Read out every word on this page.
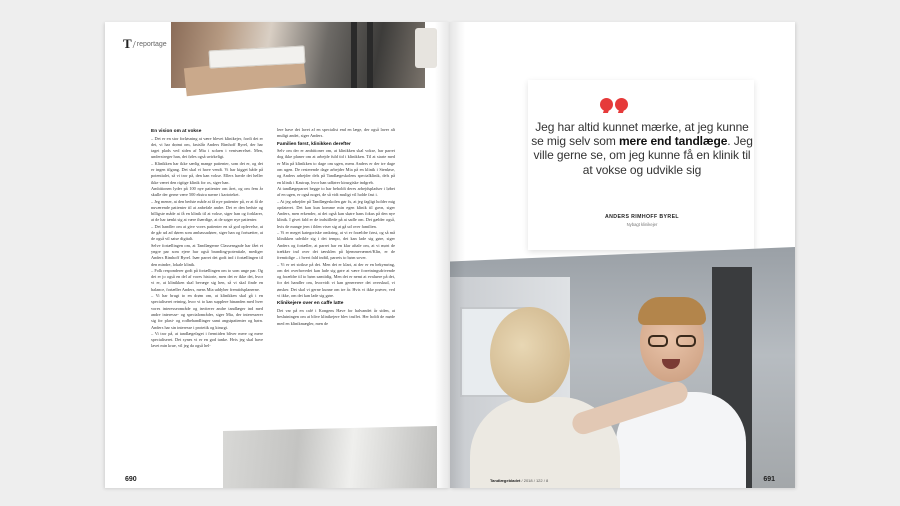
T/reportage
En vision om at vokse

– Det er en stor forløsning at være blevet klinikejer, fordi det er det, vi har drømt om, fastslår Anders Rimhoff Byrel, der har taget plads ved siden af Mia i sofaen i ventværelset. Men, understreger han, det føles også uvirkeligt.

– Klinikken har ikke særlig mange patienter, som det er, og det er ingen tilgang. Det skal vi have vendt. Vi har kigget både på potentialet, så vi tror på, den kan vokse. Ellers havde det heller ikke været den rigtige klinik for os, siger han.

Ambitionen lyder på 100 nye patienter om året, og om fem år skulle der gerne være 500 ekstra navne i kartoteket.

– Jeg mener, at den bedste måde at få nye patienter på, er at få de nuværende patienter til at anbefale andre. Det er den bedste og billigste måde at få en klinik til at vokse, siger han og forklarer, at de har tænkt sig at være ihærdige, at de søger nye patienter.

– Det handler om at give vores patienter en så god oplevelse, at de går ud ad døren som ambassadører, siger han og fortsætter, at de også vil satse digitalt.

Selve fortællingen om, at Tandlægerne Classensgade har fået et yngre par som ejere har også branding-potentiale, mediger Anders Rimhoff Byrel. Især parret det godt ind i fortællingen til den mindre, lokale klinik.

– Folk responderer godt på fortællingen om to som unge par. Og det er jo også en del af vores historie, men det er ikke det, hvor vi er, at klinikken skal bevæge sig hen, så vi skal finde en balance, fortæller Anders, mens Mia uddyber fremtidsplanerne.

– Vi har brugt to en drøm om, at klinikken skal gå i en specialiseret retning, hvor vi to kan supplere hinanden med hver vores interesseområde og inviterer andre tandlæger ind med andre interesse- og specialområder, siger Mia, der interesserer sig for plast- og rodbehandlinger samt angstpatienter og børn. Anders har sin interesse i protetik og kirurgi.

– Vi tror på, at tandlægefaget i fremtiden bliver mere og mere specialiseret. Det synes vi er en god tanke. Hvis jeg skal have lavet min krue, vil jeg da også hel-

lere have det lavet af en specialist end en læge, der også laver alt muligt andet, siger Anders.

Familien først, klinikken derefter

Selv om der er ambitioner om, at klinikken skal vokse, har parret dog ikke planer om at arbejde fuld tid i klinikken. Til at starte med er Mia på klinikken to dage om ugen, mens Anders er der tre dage om ugen. De resterende dage arbejder Mia på en klinik i Stenløse, og Anders arbejder dels på Tandlægeskolens specialklinik, dels på en klinik i Kastrup, hvor han udfører kirurgiske indgreb.

At tandlægeparret begge to har beholdt deres arbejdspladser i løbet af en ugen, er også noget, de så vidt muligt vil holde fast i.

– At jeg arbejder på Tandlægeskolen gør fx, at jeg fagligt holder mig opdateret. Det kan kun komme min egen klinik til gavn, siger Anders, men erkender, at det også kan skøre hans fokus på den nye klinik. I givet fald er de indstillede på at sadle om. Det gælder også, hvis de mange jern i ilden viser sig at gå ud over familien.

– Vi er meget kategoriske omkring, at vi er forældre først, og så må klinikken udvikle sig i det tempo, det kan lade sig gøre, siger Anders og fortæller, at parret har en klar aftale om, at vi mørt de trækker ind over det tærsklen på hjemmeværnet/Klin, er de fremtidige – i hvert fald indtil, parrets to børn sover.

– Vi er ret strikse på det. Men det er klart, at der er en bekymring, om det overhovedet kan lade sig gøre at være forretningsdrivende og forældre til to børn samtidig. Men det er nemt at evaluere på det, for det handler om, hvorvidt vi kan genererere det overskud, vi ønsker. Det skal vi gerne kunne om tre år. Hvis vi ikke prøver, ved vi ikke, om det kan lade sig gøre.

Klinikejere over en caffe latte

Det var på en café i Kongens Have for halvandet år siden, at beslutningen om at blive klinikejere blev truffet. Her holdt de møde med en klinikmægler, men de

690
Jeg har altid kunnet mærke, at jeg kunne se mig selv som mere end tandlæge. Jeg ville gerne se, om jeg kunne få en klinik til at vokse og udvikle sig
ANDERS RIMHOFF BYREL
Nybagt klinikejer
Tandlægebladet / 2018 / 122 / 8	691
